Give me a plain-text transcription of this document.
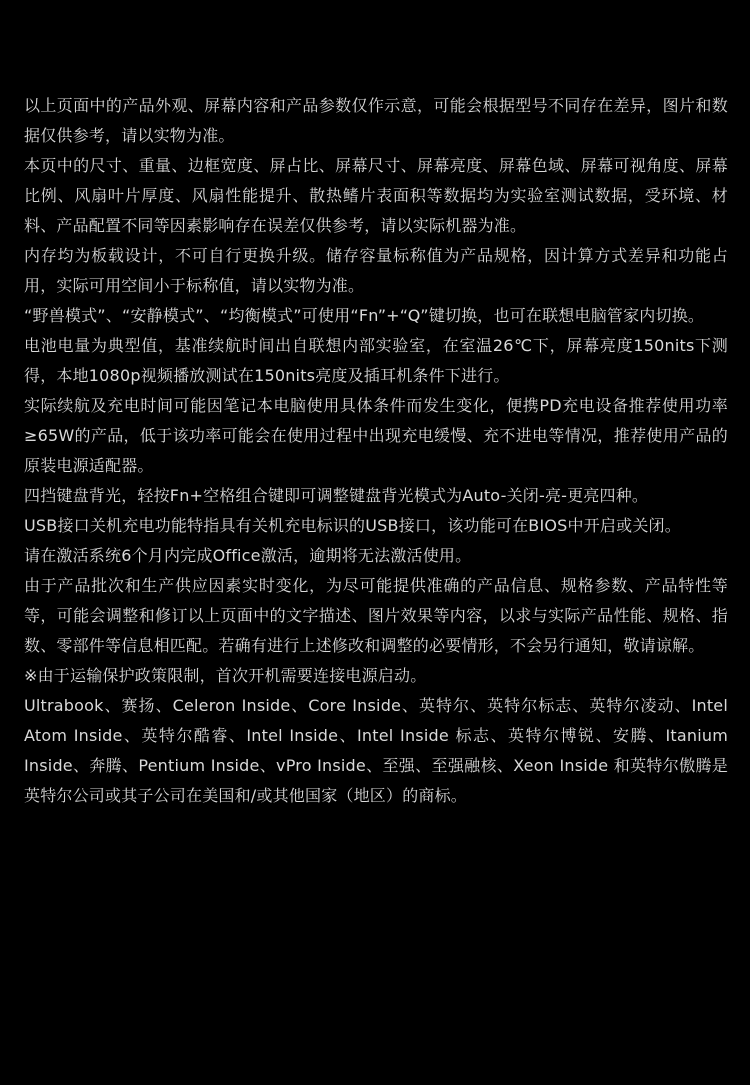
以上页面中的产品外观、屏幕内容和产品参数仅作示意，可能会根据型号不同存在差异，图片和数据仅供参考，请以实物为准。

本页中的尺寸、重量、边框宽度、屏占比、屏幕尺寸、屏幕亮度、屏幕色域、屏幕可视角度、屏幕比例、风扇叶片厚度、风扇性能提升、散热鳍片表面积等数据均为实验室测试数据，受环境、材料、产品配置不同等因素影响存在误差仅供参考，请以实际机器为准。

内存均为板载设计，不可自行更换升级。储存容量标称值为产品规格，因计算方式差异和功能占用，实际可用空间小于标称值，请以实物为准。

“野兽模式”、“安静模式”、“均衡模式”可使用“Fn”+“Q”键切换，也可在联想电脑管家内切换。

电池电量为典型值，基准续航时间出自联想内部实验室，在室温26℃下，屏幕亮度150nits下测得，本地1080p视频播放测试在150nits亮度及插耳机条件下进行。

实际续航及充电时间可能因笔记本电脑使用具体条件而发生变化，便携PD充电设备推荐使用功率≥65W的产品，低于该功率可能会在使用过程中出现充电缓慢、充不进电等情况，推荐使用产品的原装电源适配器。

四挡键盘背光，轻按Fn+空格组合键即可调整键盘背光模式为Auto-关闭-亮-更亮四种。

USB接口关机充电功能特指具有关机充电标识的USB接口，该功能可在BIOS中开启或关闭。

请在激活系统6个月内完成Office激活，逾期将无法激活使用。

由于产品批次和生产供应因素实时变化，为尽可能提供准确的产品信息、规格参数、产品特性等等，可能会调整和修订以上页面中的文字描述、图片效果等内容，以求与实际产品性能、规格、指数、零部件等信息相匹配。若确有进行上述修改和调整的必要情形，不会另行通知，敬请谅解。

※由于运输保护政策限制，首次开机需要连接电源启动。

Ultrabook、赛扬、Celeron Inside、Core Inside、英特尔、英特尔标志、英特尔凌动、Intel Atom Inside、英特尔酷睿、Intel Inside、Intel Inside 标志、英特尔博锐、安腾、Itanium Inside、奔腾、Pentium Inside、vPro Inside、至强、至强融核、Xeon Inside 和英特尔傲腾是英特尔公司或其子公司在美国和/或其他国家（地区）的商标。
